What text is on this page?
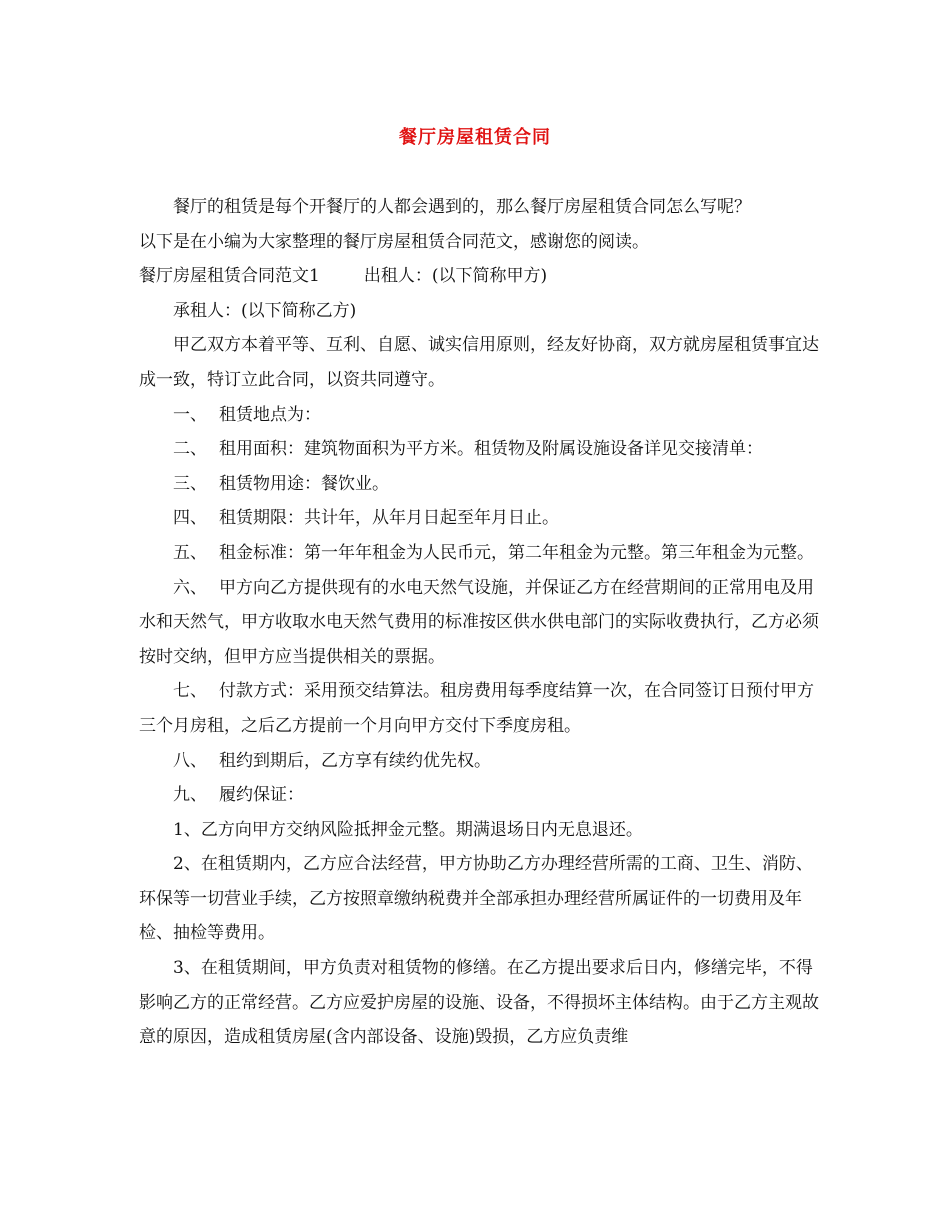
餐厅房屋租赁合同

餐厅的租赁是每个开餐厅的人都会遇到的，那么餐厅房屋租赁合同怎么写呢？

以下是在小编为大家整理的餐厅房屋租赁合同范文，感谢您的阅读。

餐厅房屋租赁合同范文1	出租人：(以下简称甲方)

承租人：(以下简称乙方)

甲乙双方本着平等、互利、自愿、诚实信用原则，经友好协商，双方就房屋租赁事宜达成一致，特订立此合同，以资共同遵守。

一、 租赁地点为：

二、 租用面积：建筑物面积为平方米。租赁物及附属设施设备详见交接清单：

三、 租赁物用途：餐饮业。

四、 租赁期限：共计年，从年月日起至年月日止。

五、 租金标准：第一年年租金为人民币元，第二年租金为元整。第三年租金为元整。

六、 甲方向乙方提供现有的水电天然气设施，并保证乙方在经营期间的正常用电及用水和天然气，甲方收取水电天然气费用的标准按区供水供电部门的实际收费执行，乙方必须按时交纳，但甲方应当提供相关的票据。

七、 付款方式：采用预交结算法。租房费用每季度结算一次，在合同签订日预付甲方三个月房租，之后乙方提前一个月向甲方交付下季度房租。

八、 租约到期后，乙方享有续约优先权。

九、 履约保证：

1、乙方向甲方交纳风险抵押金元整。期满退场日内无息退还。

2、在租赁期内，乙方应合法经营，甲方协助乙方办理经营所需的工商、卫生、消防、环保等一切营业手续，乙方按照章缴纳税费并全部承担办理经营所属证件的一切费用及年检、抽检等费用。

3、在租赁期间，甲方负责对租赁物的修缮。在乙方提出要求后日内，修缮完毕，不得影响乙方的正常经营。乙方应爱护房屋的设施、设备，不得损坏主体结构。由于乙方主观故意的原因，造成租赁房屋(含内部设备、设施)毁损，乙方应负责维
